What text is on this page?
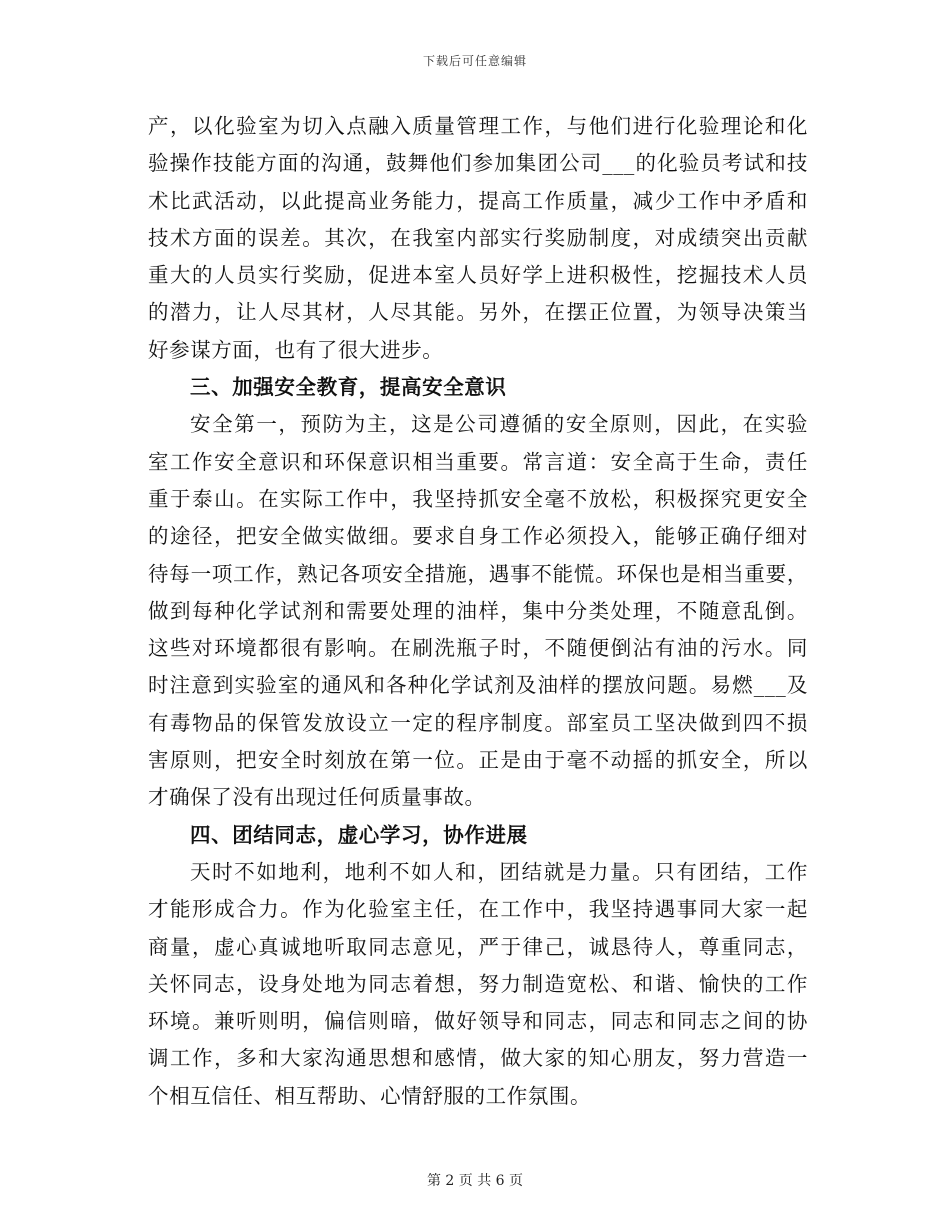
下载后可任意编辑
产，以化验室为切入点融入质量管理工作，与他们进行化验理论和化
验操作技能方面的沟通，鼓舞他们参加集团公司___的化验员考试和技
术比武活动，以此提高业务能力，提高工作质量，减少工作中矛盾和
技术方面的误差。其次，在我室内部实行奖励制度，对成绩突出贡献
重大的人员实行奖励，促进本室人员好学上进积极性，挖掘技术人员
的潜力，让人尽其材，人尽其能。另外，在摆正位置，为领导决策当
好参谋方面，也有了很大进步。
三、加强安全教育，提高安全意识
安全第一，预防为主，这是公司遵循的安全原则，因此，在实验
室工作安全意识和环保意识相当重要。常言道：安全高于生命，责任
重于泰山。在实际工作中，我坚持抓安全毫不放松，积极探究更安全
的途径，把安全做实做细。要求自身工作必须投入，能够正确仔细对
待每一项工作，熟记各项安全措施，遇事不能慌。环保也是相当重要，
做到每种化学试剂和需要处理的油样，集中分类处理，不随意乱倒。
这些对环境都很有影响。在刷洗瓶子时，不随便倒沾有油的污水。同
时注意到实验室的通风和各种化学试剂及油样的摆放问题。易燃___及
有毒物品的保管发放设立一定的程序制度。部室员工坚决做到四不损
害原则，把安全时刻放在第一位。正是由于毫不动摇的抓安全，所以
才确保了没有出现过任何质量事故。
四、团结同志，虚心学习，协作进展
天时不如地利，地利不如人和，团结就是力量。只有团结，工作
才能形成合力。作为化验室主任，在工作中，我坚持遇事同大家一起
商量，虚心真诚地听取同志意见，严于律己，诚恳待人，尊重同志，
关怀同志，设身处地为同志着想，努力制造宽松、和谐、愉快的工作
环境。兼听则明，偏信则暗，做好领导和同志，同志和同志之间的协
调工作，多和大家沟通思想和感情，做大家的知心朋友，努力营造一
个相互信任、相互帮助、心情舒服的工作氛围。
第 2 页 共 6 页
